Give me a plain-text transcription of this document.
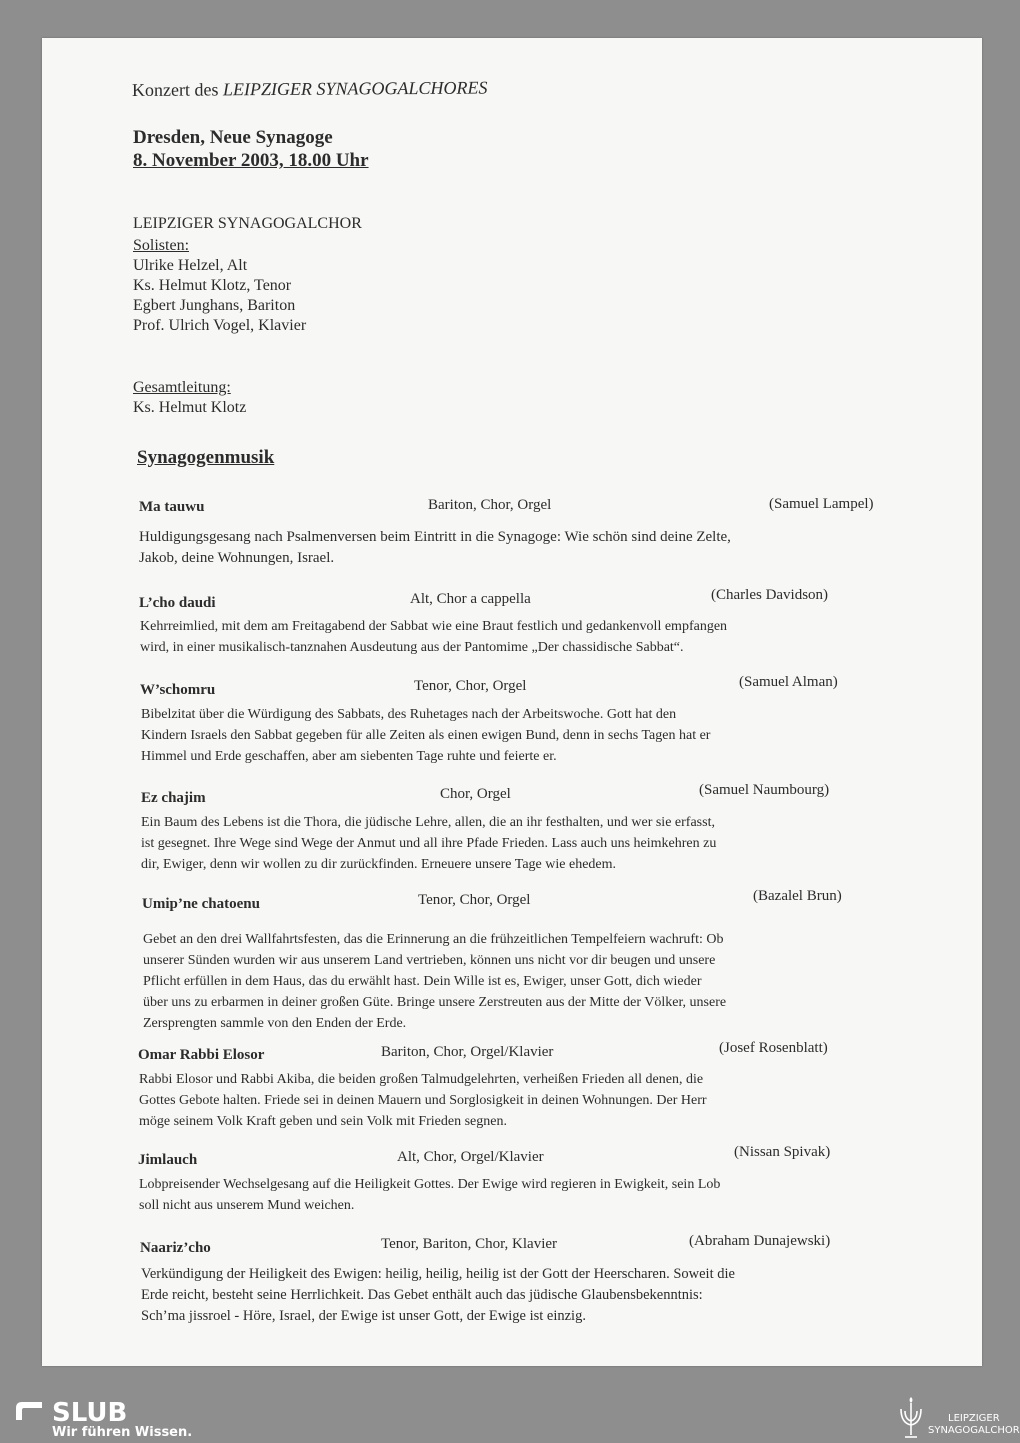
Konzert des LEIPZIGER SYNAGOGALCHORES
Dresden, Neue Synagoge
8. November 2003, 18.00 Uhr
LEIPZIGER SYNAGOGALCHOR
Solisten:
Ulrike Helzel, Alt
Ks. Helmut Klotz, Tenor
Egbert Junghans, Bariton
Prof. Ulrich Vogel, Klavier
Gesamtleitung:
Ks. Helmut Klotz
Synagogenmusik
Ma tauwu	Bariton, Chor, Orgel	(Samuel Lampel)
Huldigungsgesang nach Psalmenversen beim Eintritt in die Synagoge: Wie schön sind deine Zelte,
Jakob, deine Wohnungen, Israel.
L’cho daudi	Alt, Chor a cappella	(Charles Davidson)
Kehrreimlied, mit dem am Freitagabend der Sabbat wie eine Braut festlich und gedankenvoll empfangen
wird, in einer musikalisch-tanznahen Ausdeutung aus der Pantomime „Der chassidische Sabbat“.
W’schomru	Tenor, Chor, Orgel	(Samuel Alman)
Bibelzitat über die Würdigung des Sabbats, des Ruhetages nach der Arbeitswoche. Gott hat den
Kindern Israels den Sabbat gegeben für alle Zeiten als einen ewigen Bund, denn in sechs Tagen hat er
Himmel und Erde geschaffen, aber am siebenten Tage ruhte und feierte er.
Ez chajim	Chor, Orgel	(Samuel Naumbourg)
Ein Baum des Lebens ist die Thora, die jüdische Lehre, allen, die an ihr festhalten, und wer sie erfasst,
ist gesegnet. Ihre Wege sind Wege der Anmut und all ihre Pfade Frieden. Lass auch uns heimkehren zu
dir, Ewiger, denn wir wollen zu dir zurückfinden. Erneuere unsere Tage wie ehedem.
Umip’ne chatoenu	Tenor, Chor, Orgel	(Bazalel Brun)
Gebet an den drei Wallfahrtsfesten, das die Erinnerung an die frühzeitlichen Tempelfeiern wachruft: Ob
unserer Sünden wurden wir aus unserem Land vertrieben, können uns nicht vor dir beugen und unsere
Pflicht erfüllen in dem Haus, das du erwählt hast. Dein Wille ist es, Ewiger, unser Gott, dich wieder
über uns zu erbarmen in deiner großen Güte. Bringe unsere Zerstreuten aus der Mitte der Völker, unsere
Zersprengten sammle von den Enden der Erde.
Omar Rabbi Elosor	Bariton, Chor, Orgel/Klavier	(Josef Rosenblatt)
Rabbi Elosor und Rabbi Akiba, die beiden großen Talmudgelehrten, verheißen Frieden all denen, die
Gottes Gebote halten. Friede sei in deinen Mauern und Sorglosigkeit in deinen Wohnungen. Der Herr
möge seinem Volk Kraft geben und sein Volk mit Frieden segnen.
Jimlauch	Alt, Chor, Orgel/Klavier	(Nissan Spivak)
Lobpreisender Wechselgesang auf die Heiligkeit Gottes. Der Ewige wird regieren in Ewigkeit, sein Lob
soll nicht aus unserem Mund weichen.
Naariz’cho	Tenor, Bariton, Chor, Klavier	(Abraham Dunajewski)
Verkündigung der Heiligkeit des Ewigen: heilig, heilig, heilig ist der Gott der Heerscharen. Soweit die
Erde reicht, besteht seine Herrlichkeit. Das Gebet enthält auch das jüdische Glaubensbekenntnis:
Sch’ma jissroel - Höre, Israel, der Ewige ist unser Gott, der Ewige ist einzig.
SLUB
Wir führen Wissen.
LEIPZIGER
SYNAGOGALCHOR
